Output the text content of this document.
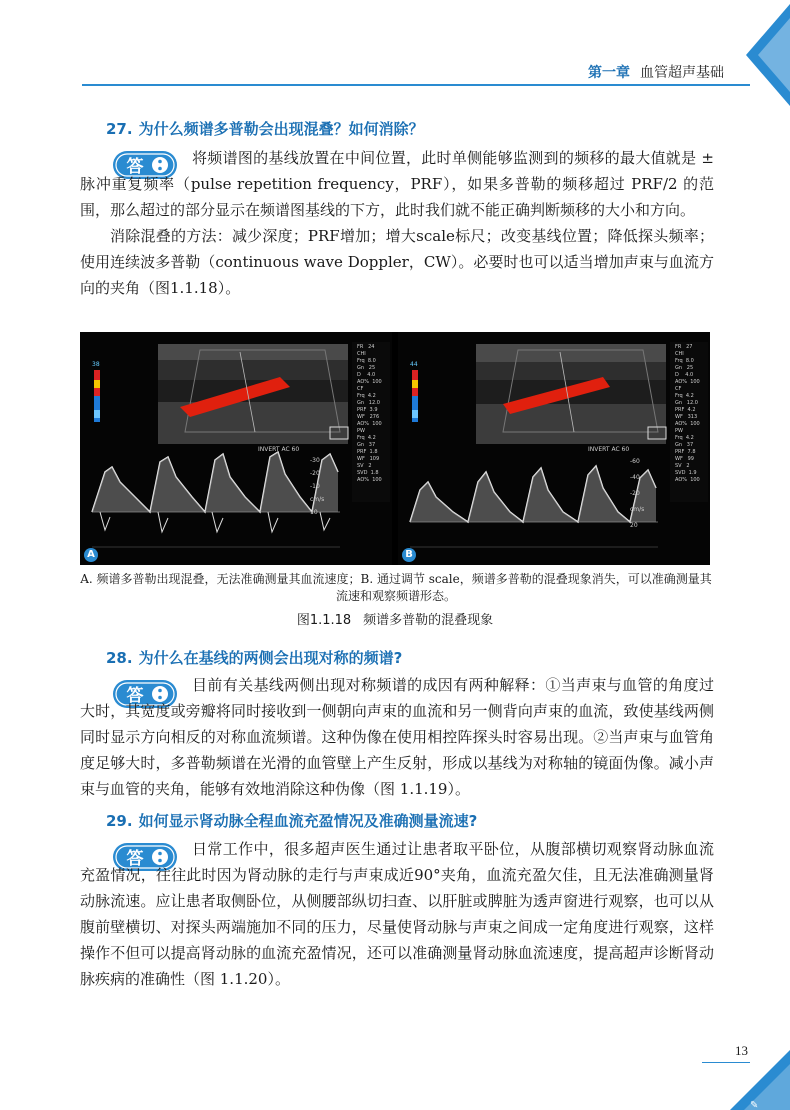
第一章 血管超声基础
27. 为什么频谱多普勒会出现混叠？如何消除？
答	将频谱图的基线放置在中间位置，此时单侧能够监测到的频移的最大值就是 ± 脉冲重复频率（pulse repetition frequency，PRF），如果多普勒的频移超过 PRF/2 的范围，那么超过的部分显示在频谱图基线的下方，此时我们就不能正确判断频移的大小和方向。

消除混叠的方法：减少深度；PRF增加；增大scale标尺；改变基线位置；降低探头频率；使用连续波多普勒（continuous wave Doppler，CW）。必要时也可以适当增加声束与血流方向的夹角（图1.1.18）。

38
A
INVERT AC 60
-30
-20
-10
cm/s
10
FR   24
CHI
Frq  8.0
Gn   25
D    4.0
AO%  100
CF
Frq  4.2
Gn   12.0
PRF  3.9
WF   276
AO%  100
PW
Frq  4.2
Gn   37
PRF  1.8
WF   109
SV   2
SVD  1.8
AO%  100
44
B
INVERT AC 60
-60
-40
-20
cm/s
20
FR   27
CHI
Frq  8.0
Gn   25
D    4.0
AO%  100
CF
Frq  4.2
Gn   12.0
PRF  4.2
WF   313
AO%  100
PW
Frq  4.2
Gn   37
PRF  7.8
WF   99
SV   2
SVD  1.9
AO%  100
A. 频谱多普勒出现混叠，无法准确测量其血流速度；B. 通过调节 scale，频谱多普勒的混叠现象消失，可以准确测量其流速和观察频谱形态。
图1.1.18 频谱多普勒的混叠现象
28. 为什么在基线的两侧会出现对称的频谱?
答

目前有关基线两侧出现对称频谱的成因有两种解释：①当声束与血管的角度过大时，其宽度或旁瓣将同时接收到一侧朝向声束的血流和另一侧背向声束的血流，致使基线两侧同时显示方向相反的对称血流频谱。这种伪像在使用相控阵探头时容易出现。②当声束与血管角度足够大时，多普勒频谱在光滑的血管壁上产生反射，形成以基线为对称轴的镜面伪像。减小声束与血管的夹角，能够有效地消除这种伪像（图 1.1.19）。

29. 如何显示肾动脉全程血流充盈情况及准确测量流速?
答	日常工作中，很多超声医生通过让患者取平卧位，从腹部横切观察肾动脉血流充盈情况，往往此时因为肾动脉的走行与声束成近90°夹角，血流充盈欠佳，且无法准确测量肾动脉流速。应让患者取侧卧位，从侧腰部纵切扫查、以肝脏或脾脏为透声窗进行观察，也可以从腹前壁横切、对探头两端施加不同的压力，尽量使肾动脉与声束之间成一定角度进行观察，这样操作不但可以提高肾动脉的血流充盈情况，还可以准确测量肾动脉血流速度，提高超声诊断肾动脉疾病的准确性（图 1.1.20）。

13
✎
